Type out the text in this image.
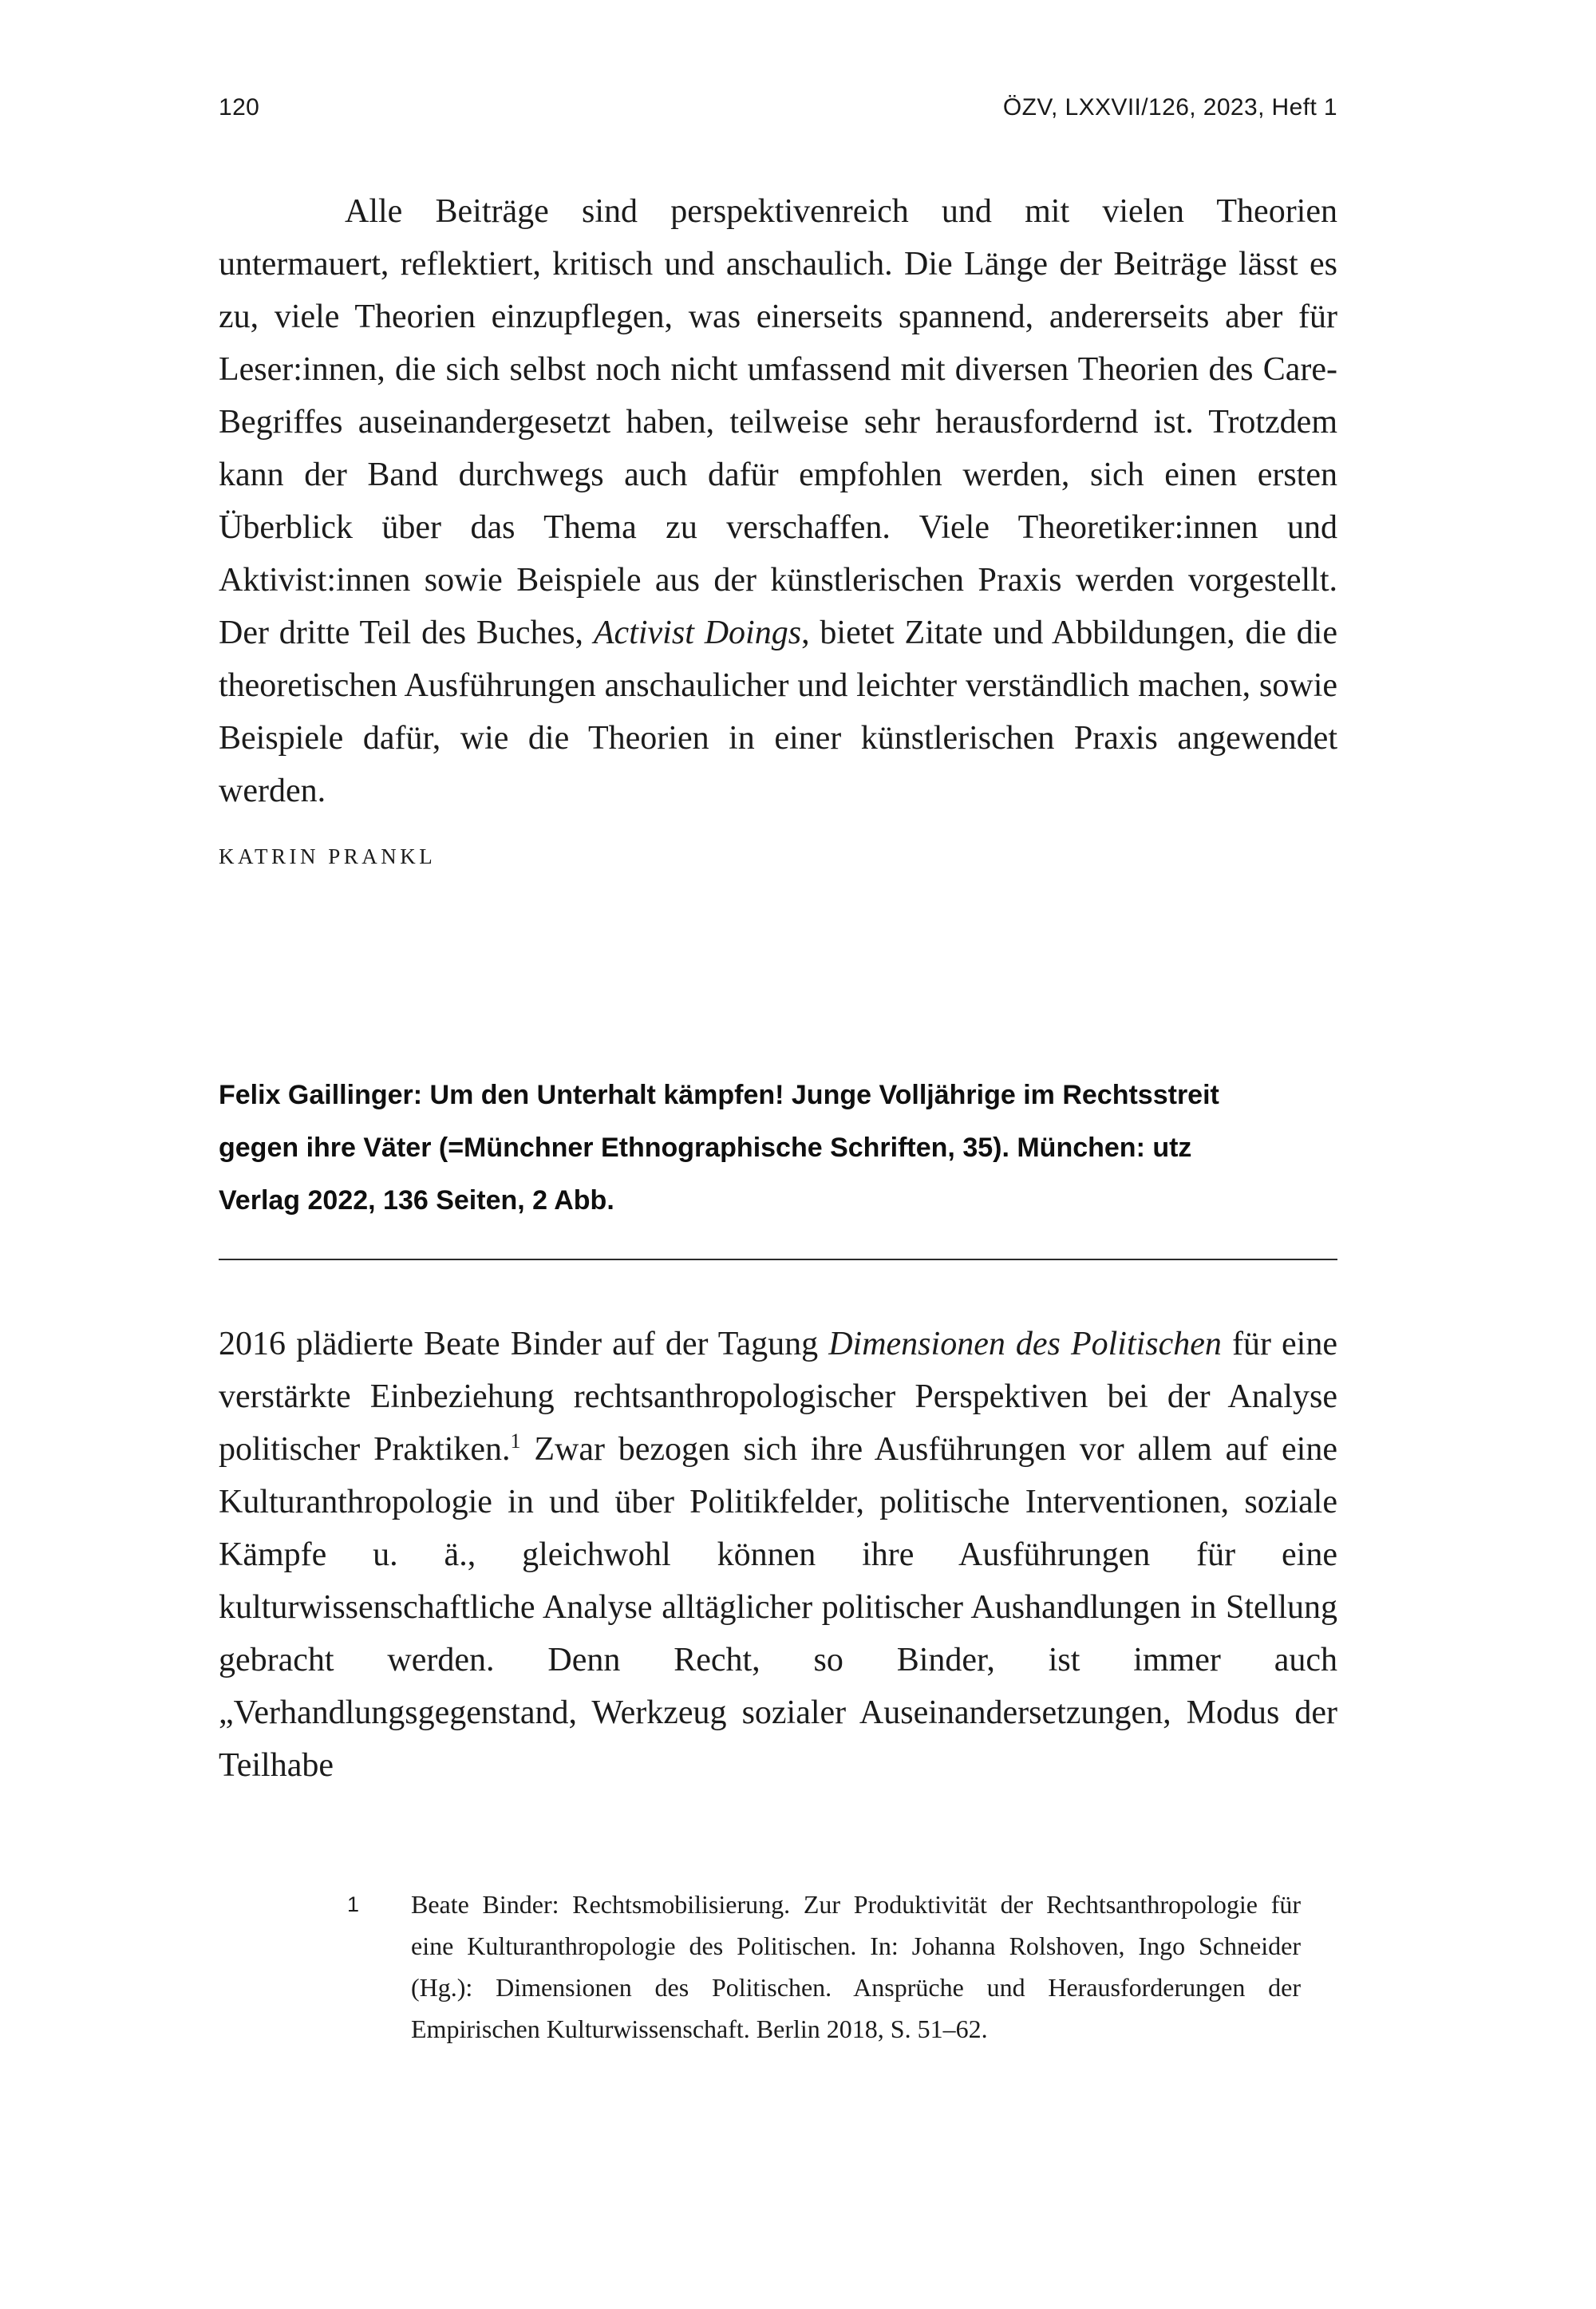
120	ÖZV, LXXVII/126, 2023, Heft 1

Alle Beiträge sind perspektivenreich und mit vielen Theorien untermauert, reflektiert, kritisch und anschaulich. Die Länge der Beiträge lässt es zu, viele Theorien einzupflegen, was einerseits spannend, andererseits aber für Leser:innen, die sich selbst noch nicht umfassend mit diversen Theorien des Care-Begriffes auseinandergesetzt haben, teilweise sehr herausfordernd ist. Trotzdem kann der Band durchwegs auch dafür empfohlen werden, sich einen ersten Überblick über das Thema zu verschaffen. Viele Theoretiker:innen und Aktivist:innen sowie Beispiele aus der künstlerischen Praxis werden vorgestellt. Der dritte Teil des Buches, Activist Doings, bietet Zitate und Abbildungen, die die theoretischen Ausführungen anschaulicher und leichter verständlich machen, sowie Beispiele dafür, wie die Theorien in einer künstlerischen Praxis angewendet werden.

KATRIN PRANKL
Felix Gaillinger: Um den Unterhalt kämpfen! Junge Volljährige im Rechtsstreit gegen ihre Väter (=Münchner Ethnographische Schriften, 35). München: utz Verlag 2022, 136 Seiten, 2 Abb.

2016 plädierte Beate Binder auf der Tagung Dimensionen des Politischen für eine verstärkte Einbeziehung rechtsanthropologischer Perspektiven bei der Analyse politischer Praktiken.$^1$ Zwar bezogen sich ihre Ausführungen vor allem auf eine Kulturanthropologie in und über Politikfelder, politische Interventionen, soziale Kämpfe u. ä., gleichwohl können ihre Ausführungen für eine kulturwissenschaftliche Analyse alltäglicher politischer Aushandlungen in Stellung gebracht werden. Denn Recht, so Binder, ist immer auch „Verhandlungsgegenstand, Werkzeug sozialer Auseinandersetzungen, Modus der Teilhabe

1	Beate Binder: Rechtsmobilisierung. Zur Produktivität der Rechtsanthropologie für eine Kulturanthropologie des Politischen. In: Johanna Rolshoven, Ingo Schneider (Hg.): Dimensionen des Politischen. Ansprüche und Herausforderungen der Empirischen Kulturwissenschaft. Berlin 2018, S. 51–62.
